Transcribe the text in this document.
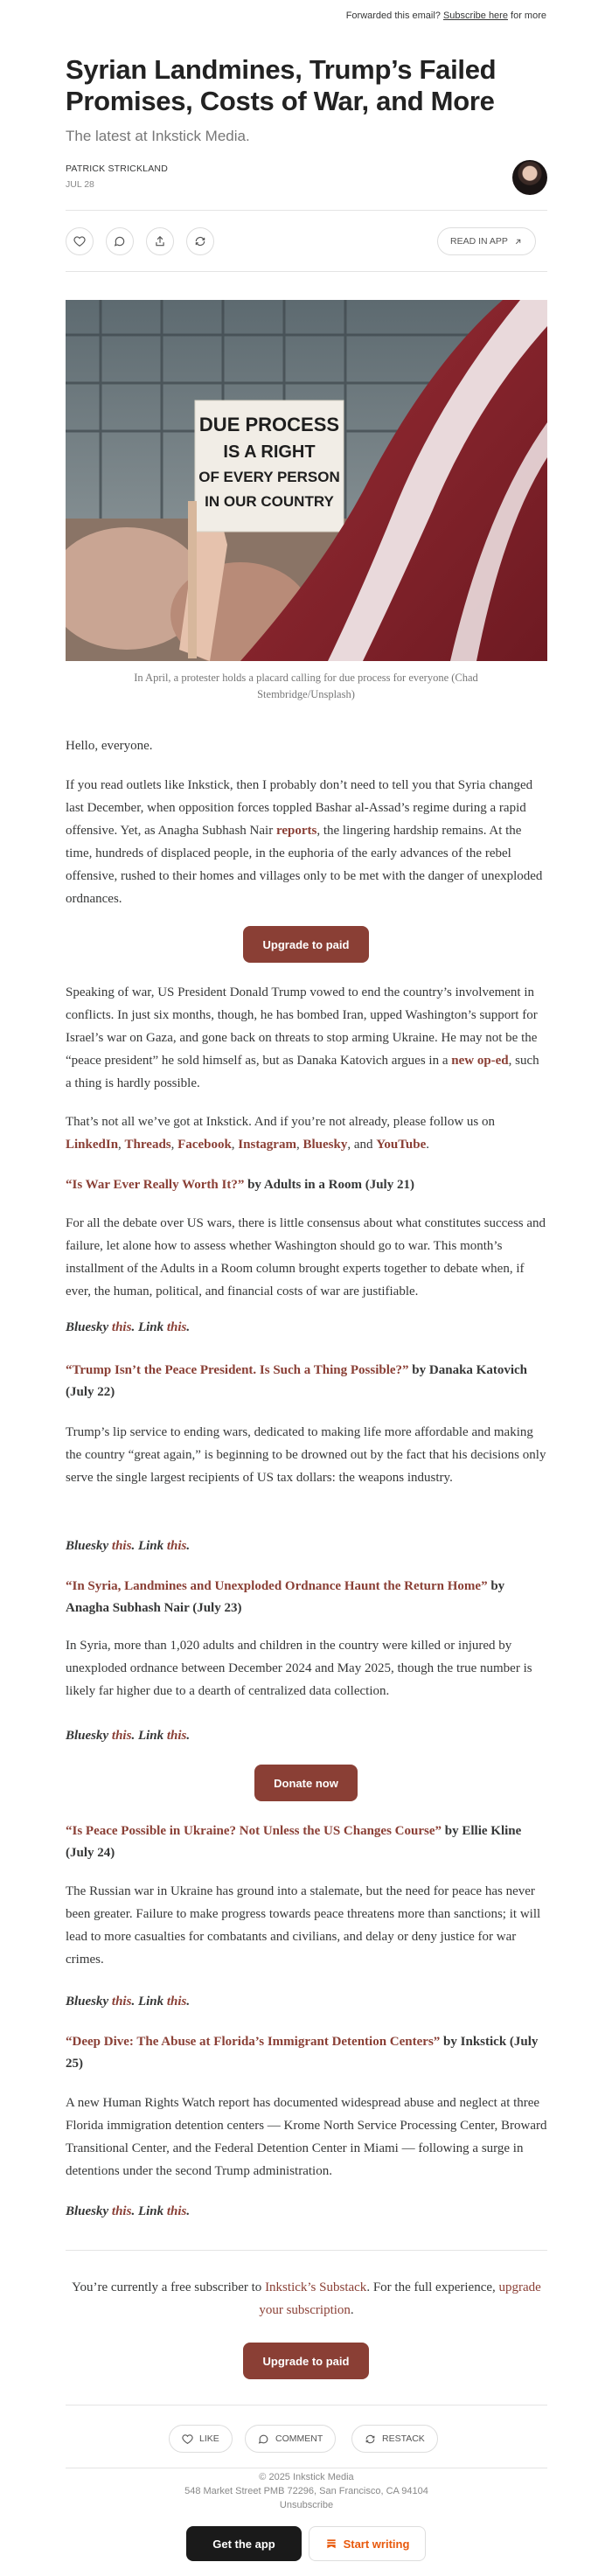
Forwarded this email? Subscribe here for more
Syrian Landmines, Trump’s Failed Promises, Costs of War, and More
The latest at Inkstick Media.
PATRICK STRICKLAND
JUL 28
READ IN APP
DUE PROCESS
IS A RIGHT
OF EVERY PERSON
IN OUR COUNTRY
In April, a protester holds a placard calling for due process for everyone (Chad Stembridge/Unsplash)

Hello, everyone.

If you read outlets like Inkstick, then I probably don’t need to tell you that Syria changed last December, when opposition forces toppled Bashar al-Assad’s regime during a rapid offensive. Yet, as Anagha Subhash Nair reports, the lingering hardship remains. At the time, hundreds of displaced people, in the euphoria of the early advances of the rebel offensive, rushed to their homes and villages only to be met with the danger of unexploded ordnances.

Upgrade to paid

Speaking of war, US President Donald Trump vowed to end the country’s involvement in conflicts. In just six months, though, he has bombed Iran, upped Washington’s support for Israel’s war on Gaza, and gone back on threats to stop arming Ukraine. He may not be the “peace president” he sold himself as, but as Danaka Katovich argues in a new op-ed, such a thing is hardly possible.

That’s not all we’ve got at Inkstick. And if you’re not already, please follow us on LinkedIn, Threads, Facebook, Instagram, Bluesky, and YouTube.

“Is War Ever Really Worth It?” by Adults in a Room (July 21)

For all the debate over US wars, there is little consensus about what constitutes success and failure, let alone how to assess whether Washington should go to war. This month’s installment of the Adults in a Room column brought experts together to debate when, if ever, the human, political, and financial costs of war are justifiable.

Bluesky this. Link this.

“Trump Isn’t the Peace President. Is Such a Thing Possible?” by Danaka Katovich (July 22)

Trump’s lip service to ending wars, dedicated to making life more affordable and making the country “great again,” is beginning to be drowned out by the fact that his decisions only serve the single largest recipients of US tax dollars: the weapons industry.

Bluesky this. Link this.

“In Syria, Landmines and Unexploded Ordnance Haunt the Return Home” by Anagha Subhash Nair (July 23)

In Syria, more than 1,020 adults and children in the country were killed or injured by unexploded ordnance between December 2024 and May 2025, though the true number is likely far higher due to a dearth of centralized data collection.

Bluesky this. Link this.

Donate now
“Is Peace Possible in Ukraine? Not Unless the US Changes Course” by Ellie Kline (July 24)

The Russian war in Ukraine has ground into a stalemate, but the need for peace has never been greater. Failure to make progress towards peace threatens more than sanctions; it will lead to more casualties for combatants and civilians, and delay or deny justice for war crimes.

Bluesky this. Link this.

“Deep Dive: The Abuse at Florida’s Immigrant Detention Centers” by Inkstick (July 25)

A new Human Rights Watch report has documented widespread abuse and neglect at three Florida immigration detention centers — Krome North Service Processing Center, Broward Transitional Center, and the Federal Detention Center in Miami — following a surge in detentions under the second Trump administration.

Bluesky this. Link this.

You’re currently a free subscriber to Inkstick’s Substack. For the full experience, upgrade your subscription.
Upgrade to paid
LIKE	COMMENT	RESTACK
© 2025 Inkstick Media
548 Market Street PMB 72296, San Francisco, CA 94104
Unsubscribe
Get the app	Start writing
